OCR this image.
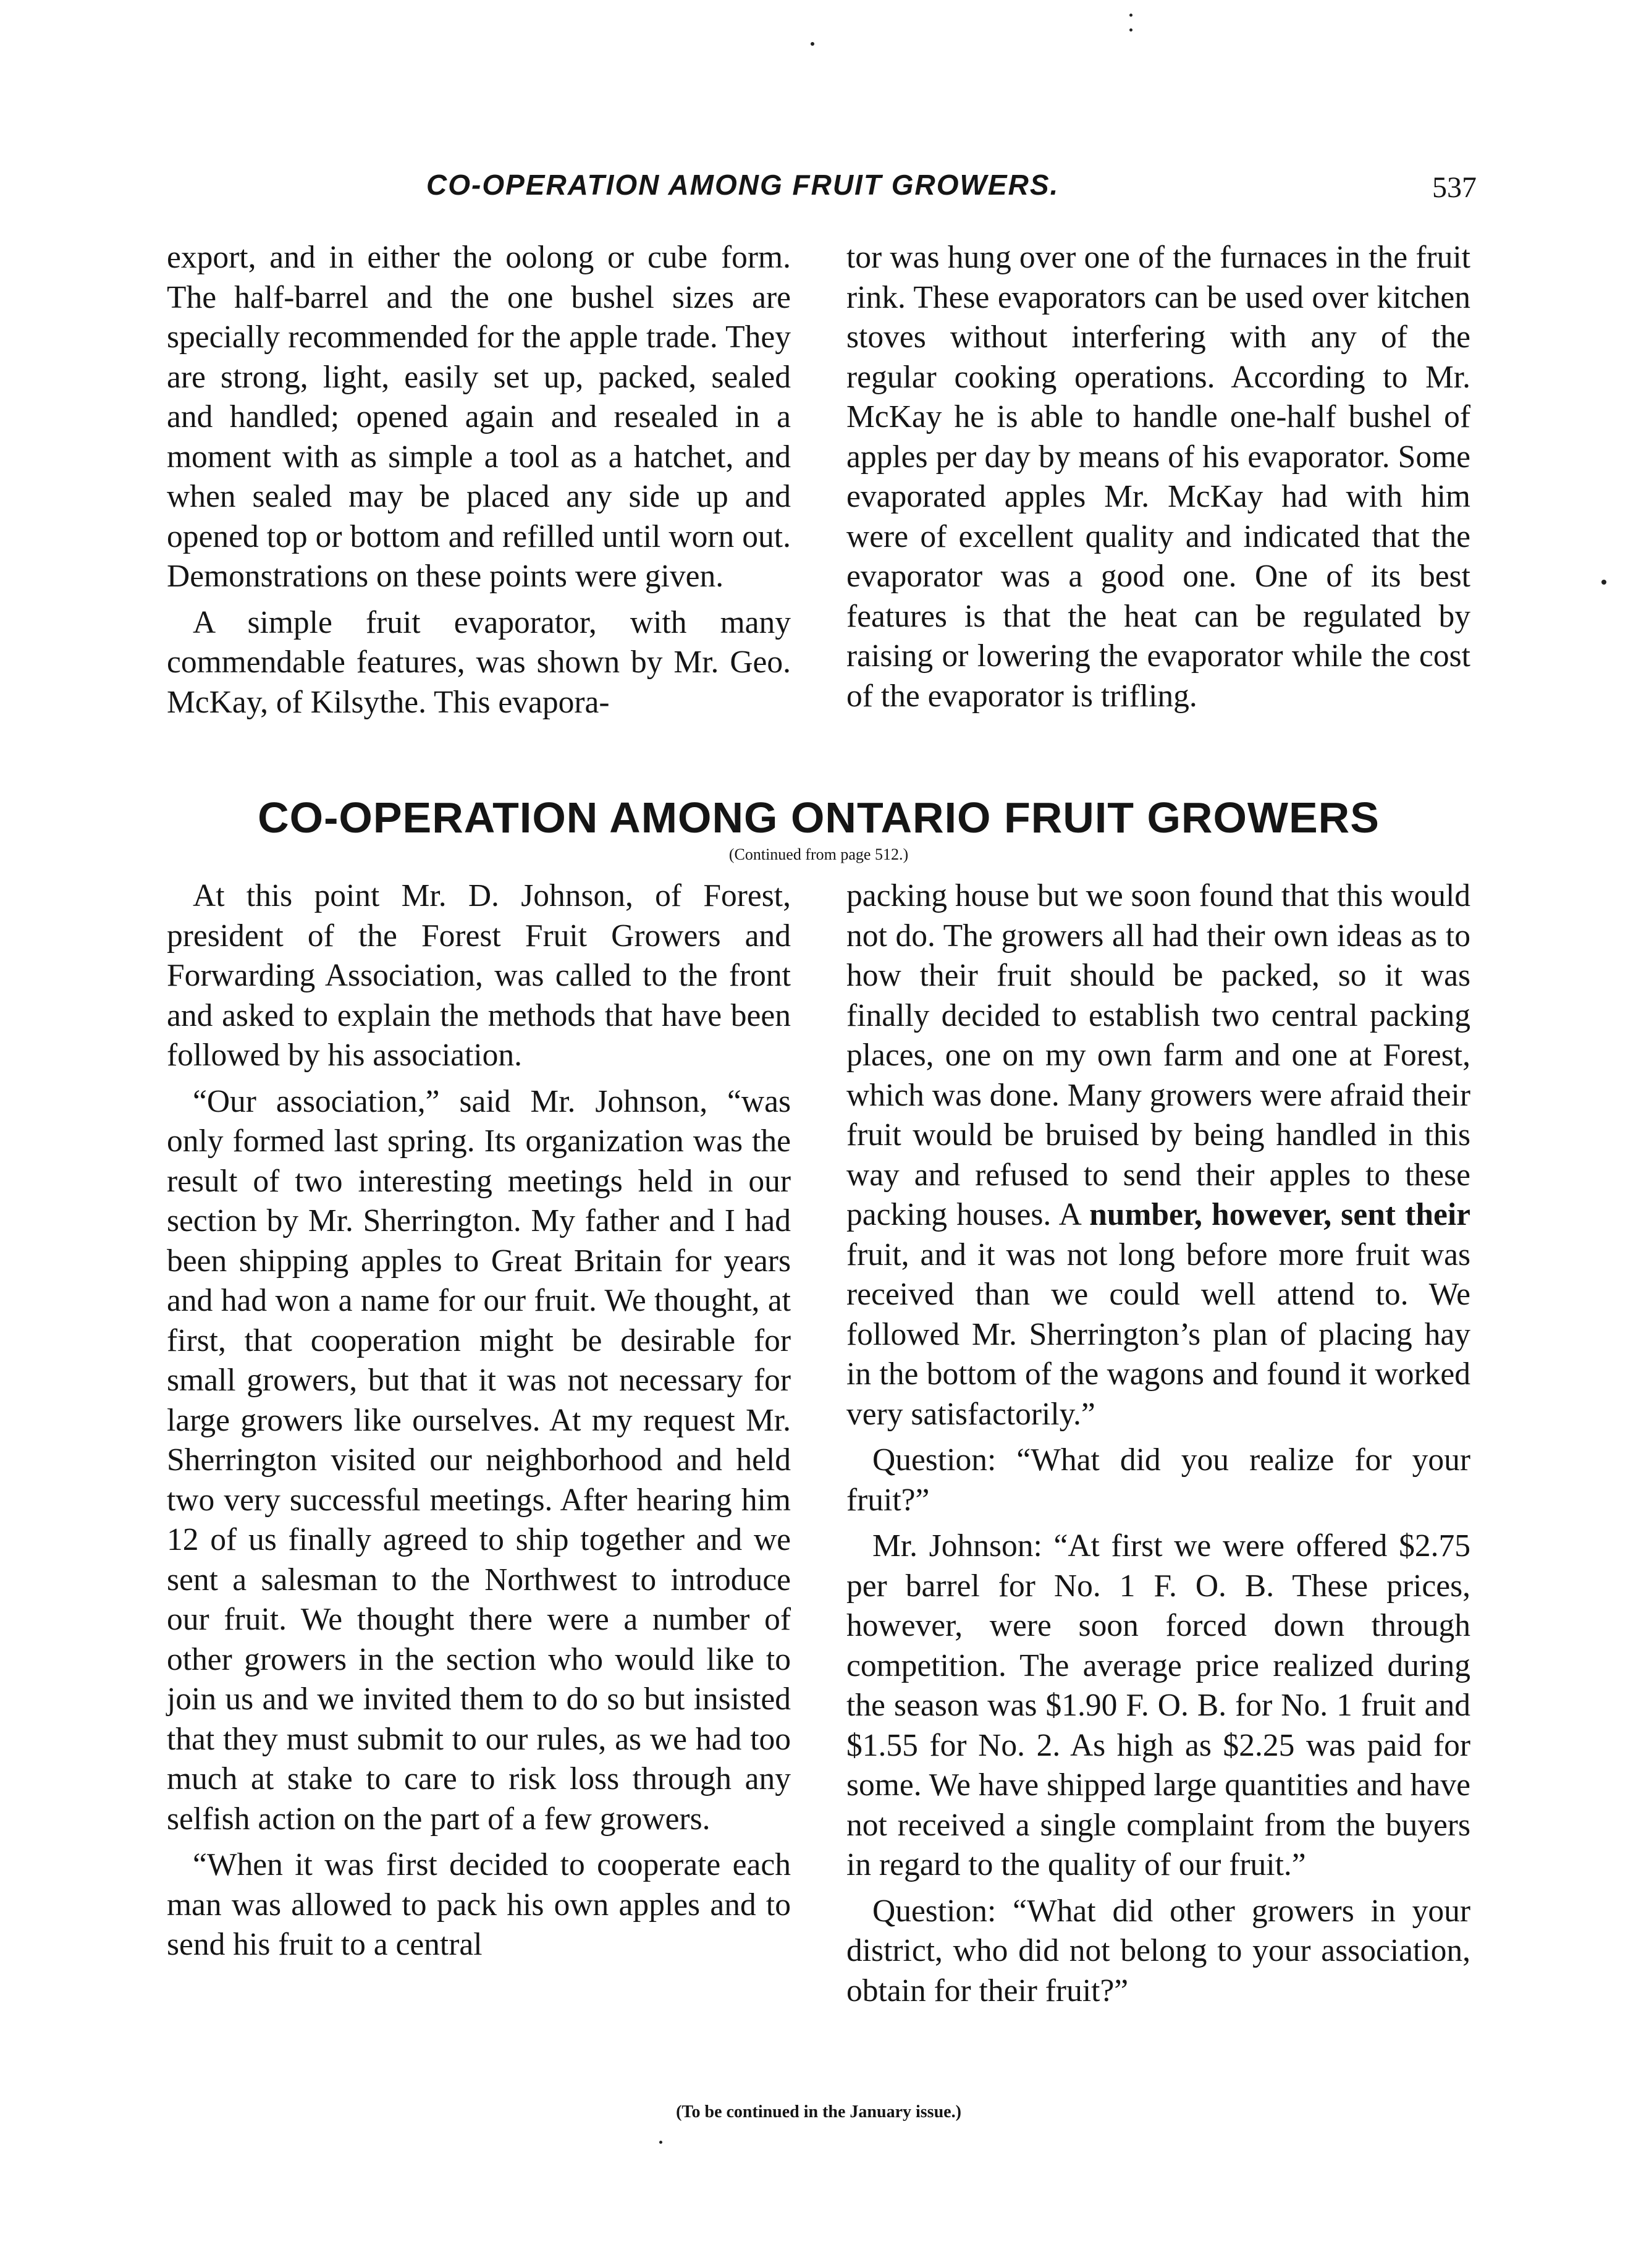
CO-OPERATION AMONG FRUIT GROWERS.	537

export, and in either the oolong or cube form. The half-barrel and the one bushel sizes are specially recommended for the apple trade. They are strong, light, easily set up, packed, sealed and handled; opened again and resealed in a moment with as simple a tool as a hatchet, and when sealed may be placed any side up and opened top or bottom and refilled until worn out. Demonstrations on these points were given.

A simple fruit evaporator, with many commendable features, was shown by Mr. Geo. McKay, of Kilsythe. This evapora-

tor was hung over one of the furnaces in the fruit rink. These evaporators can be used over kitchen stoves without interfering with any of the regular cooking operations. According to Mr. McKay he is able to handle one-half bushel of apples per day by means of his evaporator. Some evaporated apples Mr. McKay had with him were of excellent quality and indicated that the evaporator was a good one. One of its best features is that the heat can be regulated by raising or lowering the evaporator while the cost of the evaporator is trifling.

CO-OPERATION AMONG ONTARIO FRUIT GROWERS
(Continued from page 512.)

At this point Mr. D. Johnson, of Forest, president of the Forest Fruit Growers and Forwarding Association, was called to the front and asked to explain the methods that have been followed by his association.

“Our association,” said Mr. Johnson, “was only formed last spring. Its organization was the result of two interesting meetings held in our section by Mr. Sherrington. My father and I had been shipping apples to Great Britain for years and had won a name for our fruit. We thought, at first, that cooperation might be desirable for small growers, but that it was not necessary for large growers like ourselves. At my request Mr. Sherrington visited our neighborhood and held two very successful meetings. After hearing him 12 of us finally agreed to ship together and we sent a salesman to the Northwest to introduce our fruit. We thought there were a number of other growers in the section who would like to join us and we invited them to do so but insisted that they must submit to our rules, as we had too much at stake to care to risk loss through any selfish action on the part of a few growers.

“When it was first decided to cooperate each man was allowed to pack his own apples and to send his fruit to a central

packing house but we soon found that this would not do. The growers all had their own ideas as to how their fruit should be packed, so it was finally decided to establish two central packing places, one on my own farm and one at Forest, which was done. Many growers were afraid their fruit would be bruised by being handled in this way and refused to send their apples to these packing houses. A number, however, sent their fruit, and it was not long before more fruit was received than we could well attend to. We followed Mr. Sherrington’s plan of placing hay in the bottom of the wagons and found it worked very satisfactorily.”

Question: “What did you realize for your fruit?”

Mr. Johnson: “At first we were offered $2.75 per barrel for No. 1 F. O. B. These prices, however, were soon forced down through competition. The average price realized during the season was $1.90 F. O. B. for No. 1 fruit and $1.55 for No. 2. As high as $2.25 was paid for some. We have shipped large quantities and have not received a single complaint from the buyers in regard to the quality of our fruit.”

Question: “What did other growers in your district, who did not belong to your association, obtain for their fruit?”

(To be continued in the January issue.)
